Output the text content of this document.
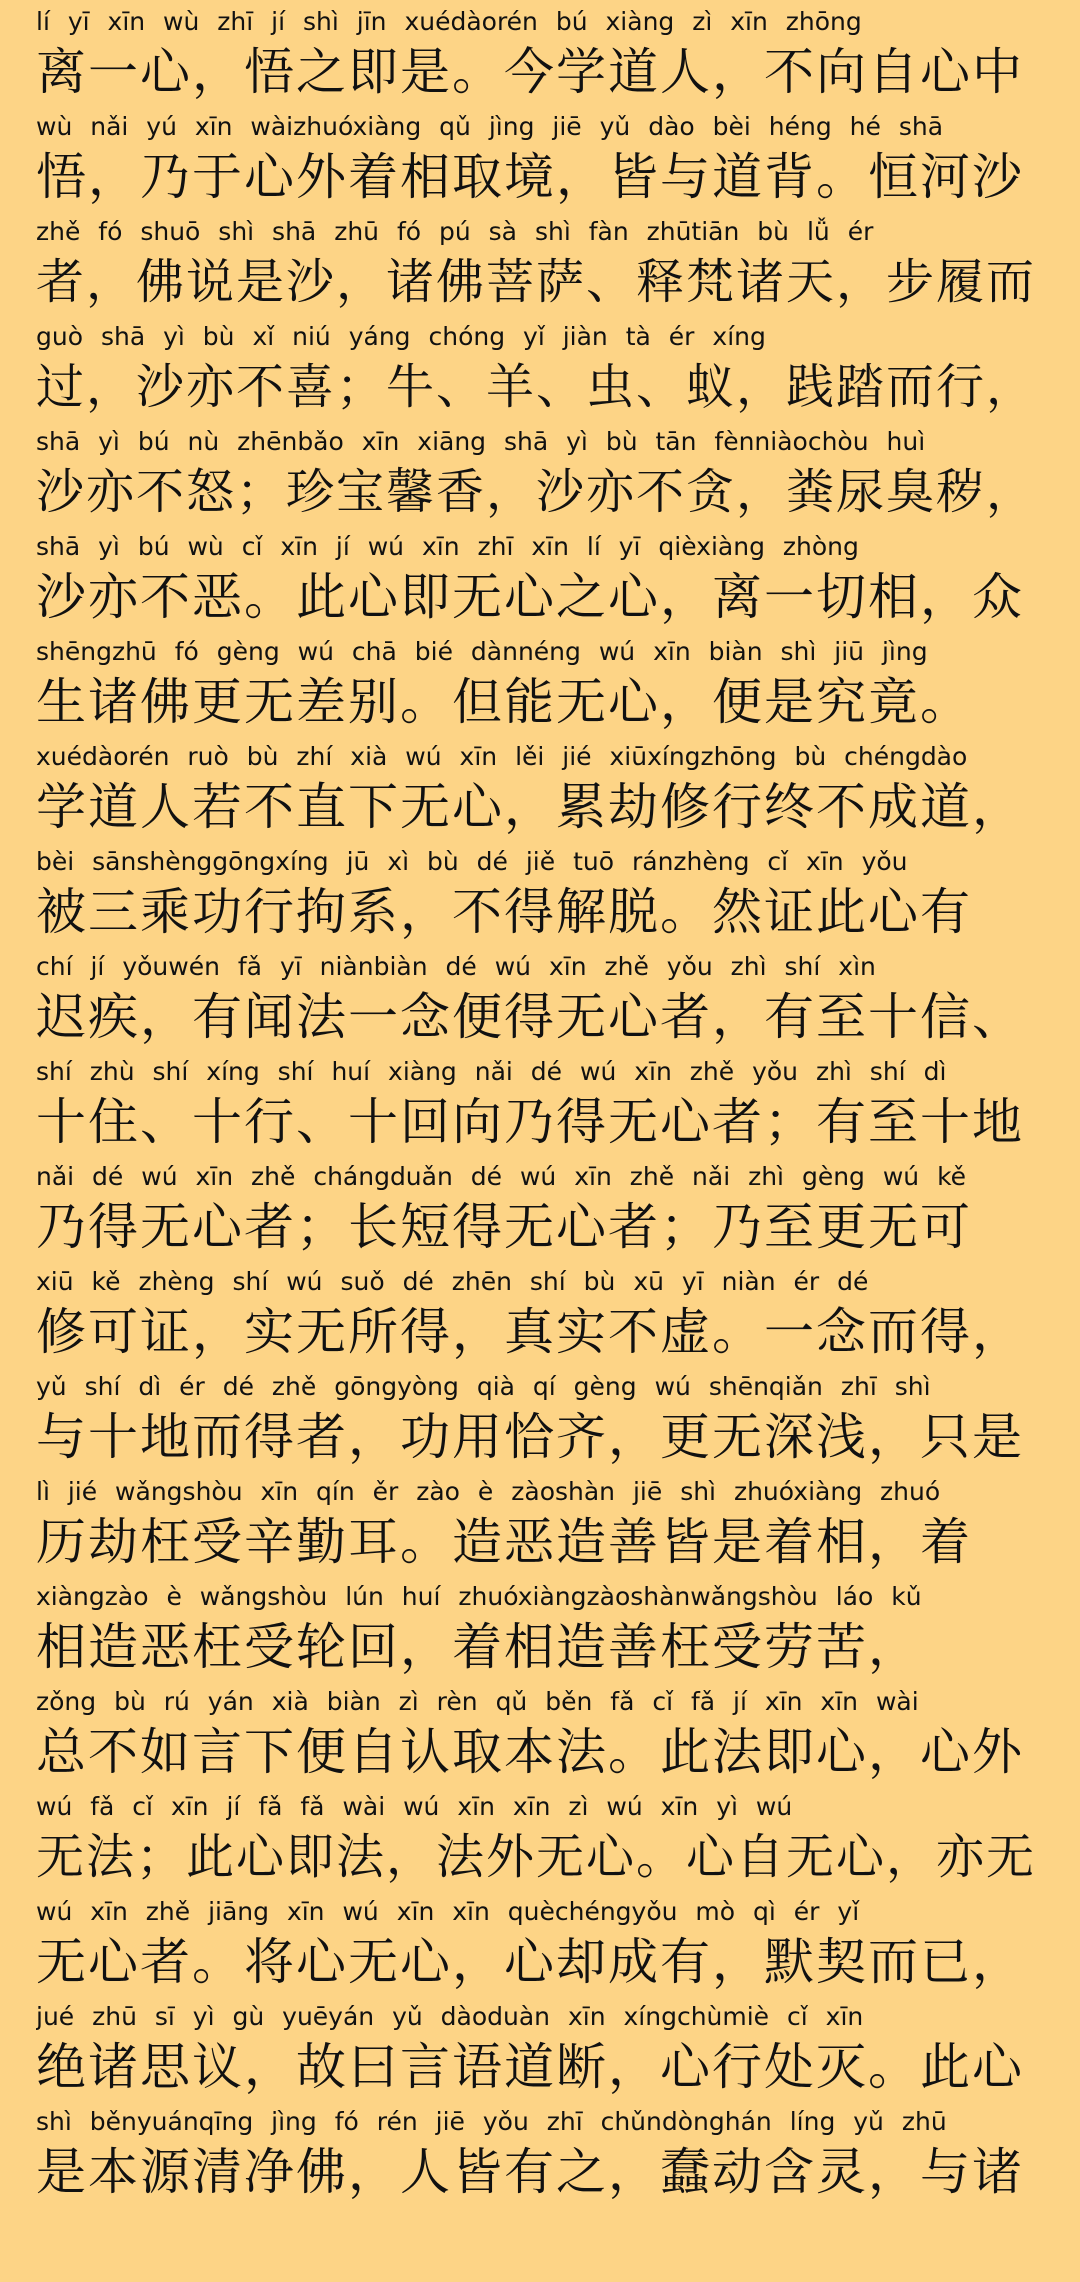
lí yī xīn wù zhī jí shì jīn xuédàorén bú xiàng zì xīn zhōng
离一心，悟之即是。今学道人，不向自心中
wù nǎi yú xīn wàizhuóxiàng qǔ jìng jiē yǔ dào bèi héng hé shā
悟，乃于心外着相取境，皆与道背。恒河沙
zhě fó shuō shì shā zhū fó pú sà shì fàn zhūtiān bù lǚ ér
者，佛说是沙，诸佛菩萨、释梵诸天，步履而
guò shā yì bù xǐ niú yáng chóng yǐ jiàn tà ér xíng
过，沙亦不喜；牛、羊、虫、蚁，践踏而行，
shā yì bú nù zhēnbǎo xīn xiāng shā yì bù tān fènniàochòu huì
沙亦不怒；珍宝馨香，沙亦不贪，粪尿臭秽，
shā yì bú wù cǐ xīn jí wú xīn zhī xīn lí yī qièxiàng zhòng
沙亦不恶。此心即无心之心，离一切相，众
shēngzhū fó gèng wú chā bié dànnéng wú xīn biàn shì jiū jìng
生诸佛更无差别。但能无心，便是究竟。
xuédàorén ruò bù zhí xià wú xīn lěi jié xiūxíngzhōng bù chéngdào
学道人若不直下无心，累劫修行终不成道，
bèi sānshènggōngxíng jū xì bù dé jiě tuō ránzhèng cǐ xīn yǒu
被三乘功行拘系，不得解脱。然证此心有
chí jí yǒuwén fǎ yī niànbiàn dé wú xīn zhě yǒu zhì shí xìn
迟疾，有闻法一念便得无心者，有至十信、
shí zhù shí xíng shí huí xiàng nǎi dé wú xīn zhě yǒu zhì shí dì
十住、十行、十回向乃得无心者；有至十地
nǎi dé wú xīn zhě chángduǎn dé wú xīn zhě nǎi zhì gèng wú kě
乃得无心者；长短得无心者；乃至更无可
xiū kě zhèng shí wú suǒ dé zhēn shí bù xū yī niàn ér dé
修可证，实无所得，真实不虚。一念而得，
yǔ shí dì ér dé zhě gōngyòng qià qí gèng wú shēnqiǎn zhī shì
与十地而得者，功用恰齐，更无深浅，只是
lì jié wǎngshòu xīn qín ěr zào è zàoshàn jiē shì zhuóxiàng zhuó
历劫枉受辛勤耳。造恶造善皆是着相，着
xiàngzào è wǎngshòu lún huí zhuóxiàngzàoshànwǎngshòu láo kǔ
相造恶枉受轮回，着相造善枉受劳苦，
zǒng bù rú yán xià biàn zì rèn qǔ běn fǎ cǐ fǎ jí xīn xīn wài
总不如言下便自认取本法。此法即心，心外
wú fǎ cǐ xīn jí fǎ fǎ wài wú xīn xīn zì wú xīn yì wú
无法；此心即法，法外无心。心自无心，亦无
wú xīn zhě jiāng xīn wú xīn xīn quèchéngyǒu mò qì ér yǐ
无心者。将心无心，心却成有，默契而已，
jué zhū sī yì gù yuēyán yǔ dàoduàn xīn xíngchùmiè cǐ xīn
绝诸思议，故曰言语道断，心行处灭。此心
shì běnyuánqīng jìng fó rén jiē yǒu zhī chǔndònghán líng yǔ zhū
是本源清净佛，人皆有之，蠢动含灵，与诸
